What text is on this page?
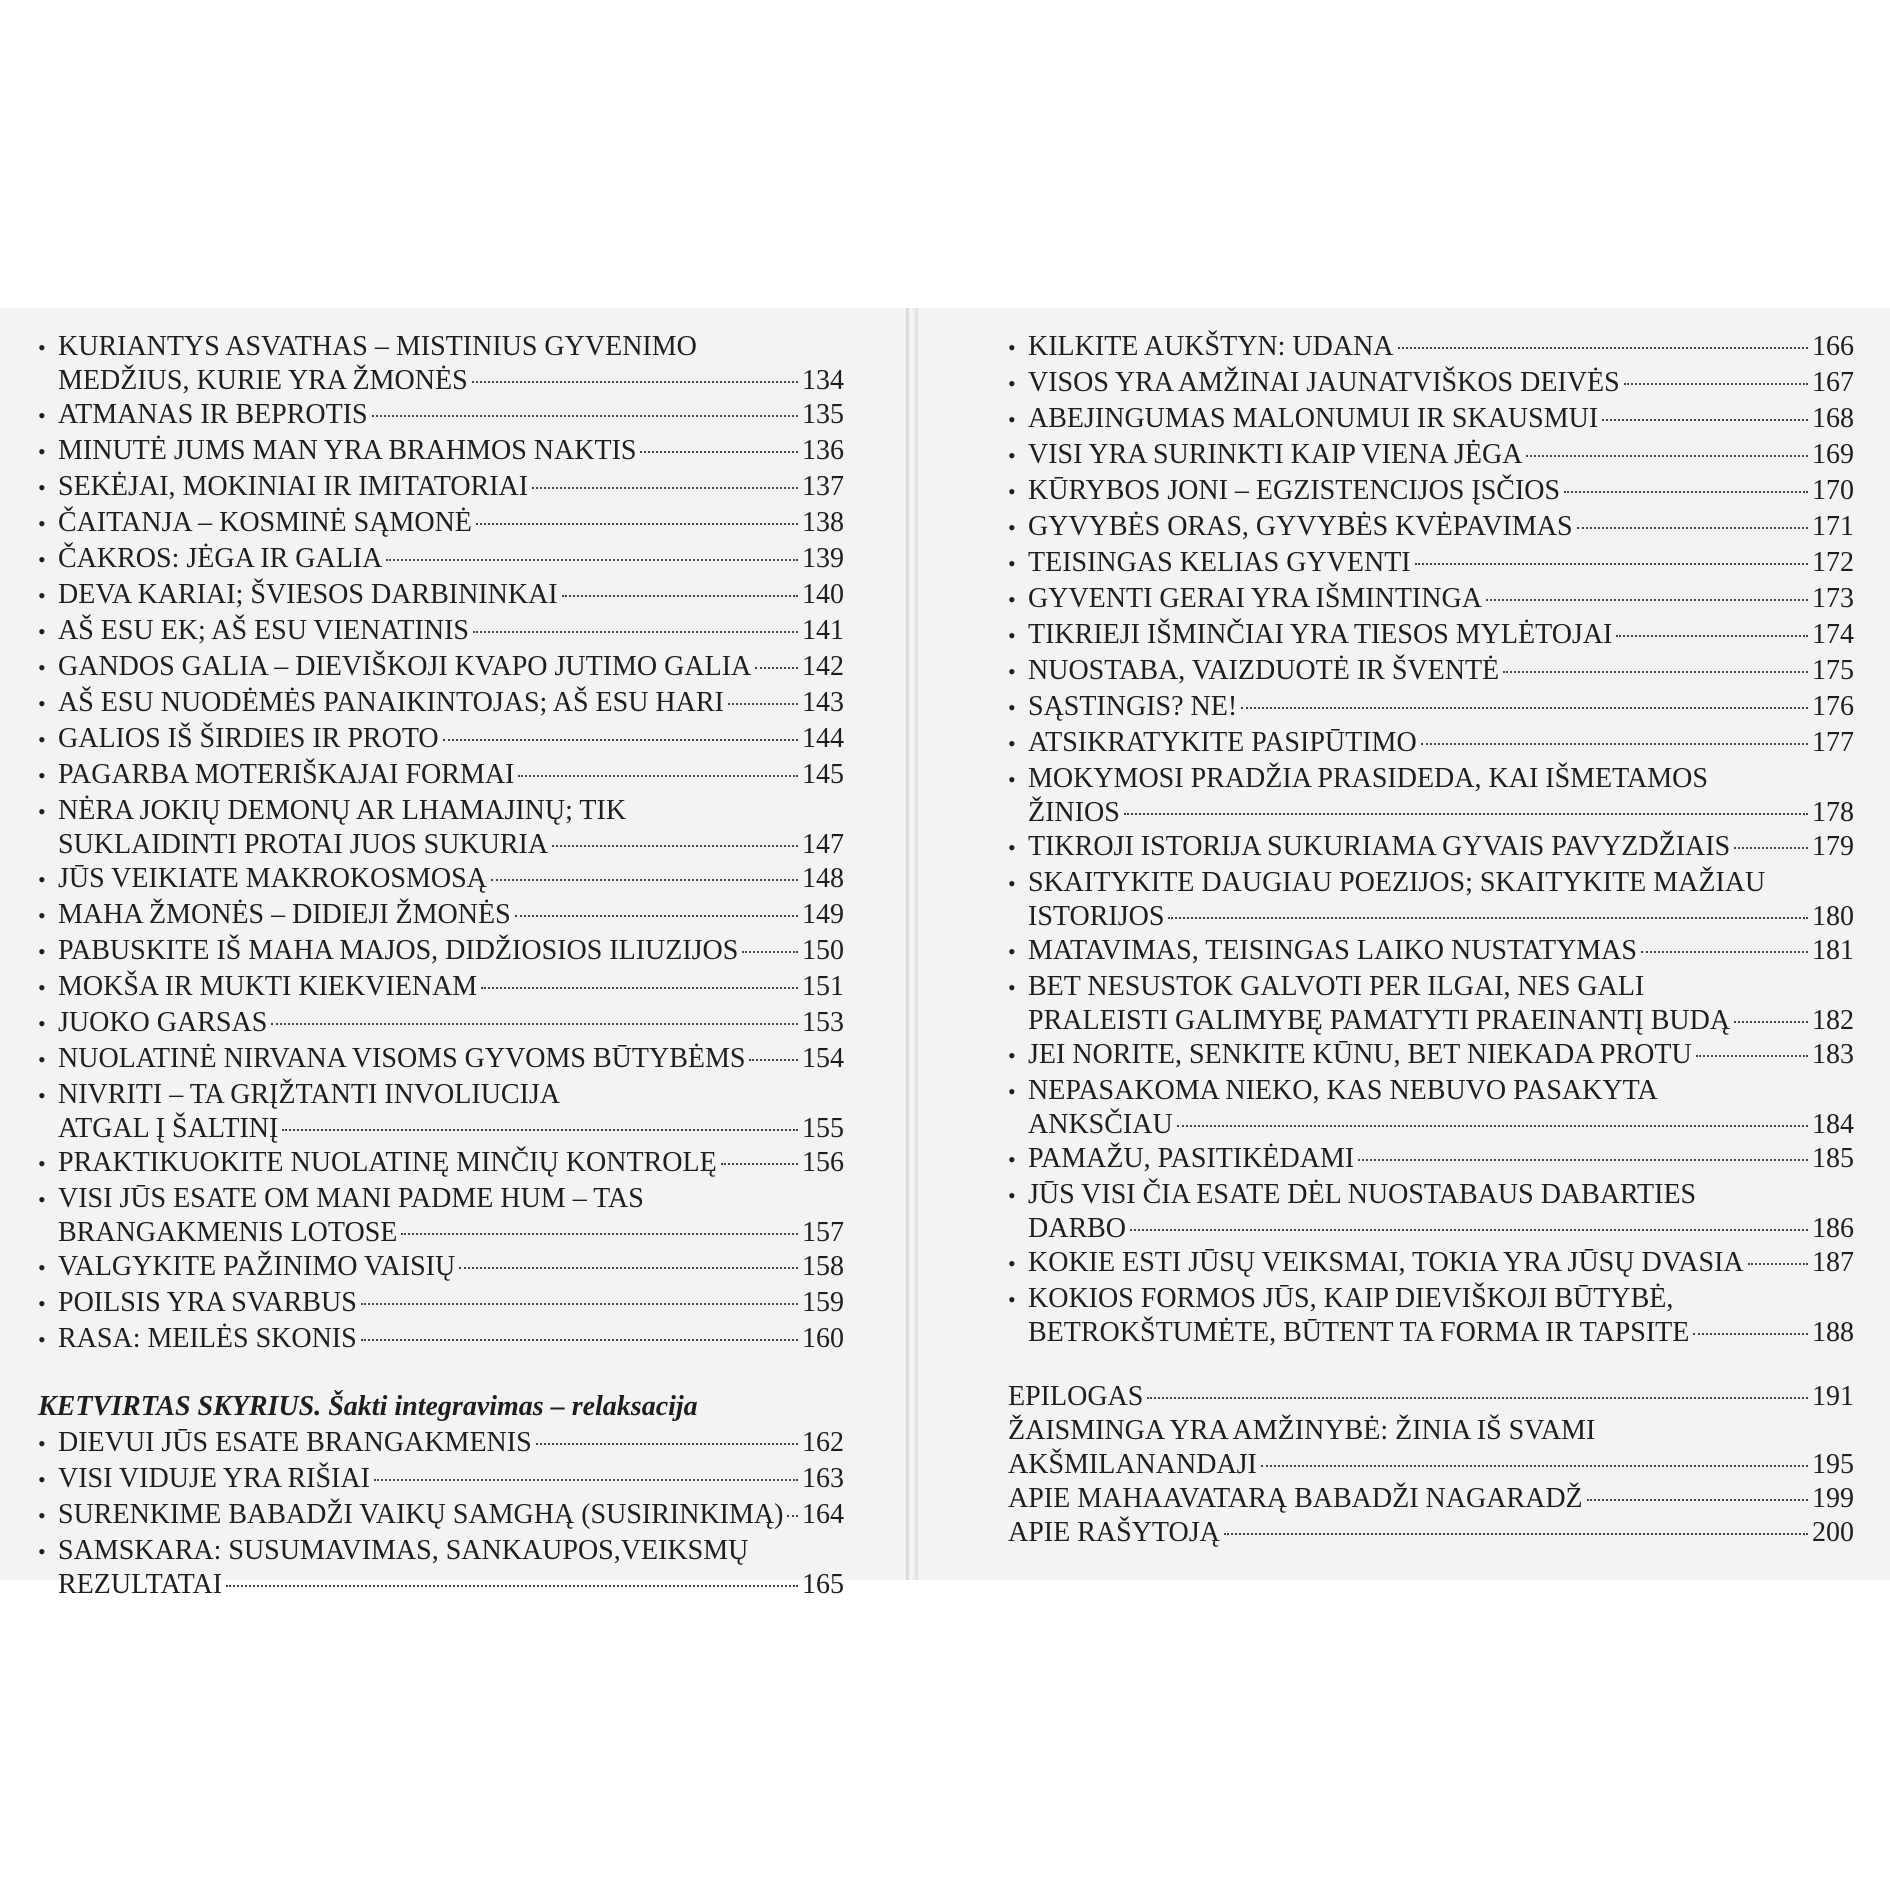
• KURIANTYS ASVATHAS – MISTINIUS GYVENIMO
MEDŽIUS, KURIE YRA ŽMONĖS	134
• ATMANAS IR BEPROTIS	135
• MINUTĖ JUMS MAN YRA BRAHMOS NAKTIS	136
• SEKĖJAI, MOKINIAI IR IMITATORIAI	137
• ČAITANJA – KOSMINĖ SĄMONĖ	138
• ČAKROS: JĖGA IR GALIA	139
• DEVA KARIAI; ŠVIESOS DARBININKAI	140
• AŠ ESU EK; AŠ ESU VIENATINIS	141
• GANDOS GALIA – DIEVIŠKOJI KVAPO JUTIMO GALIA 142
• AŠ ESU NUODĖMĖS PANAIKINTOJAS; AŠ ESU HARI	143
• GALIOS IŠ ŠIRDIES IR PROTO	144
• PAGARBA MOTERIŠKAJAI FORMAI	145
• NĖRA JOKIŲ DEMONŲ AR LHAMAJINŲ; TIK
SUKLAIDINTI PROTAI JUOS SUKURIA	147
• JŪS VEIKIATE MAKROKOSMOSĄ	148
• MAHA ŽMONĖS – DIDIEJI ŽMONĖS	149
• PABUSKITE IŠ MAHA MAJOS, DIDŽIOSIOS ILIUZIJOS 150
• MOKŠA IR MUKTI KIEKVIENAM	151
• JUOKO GARSAS	153
• NUOLATINĖ NIRVANA VISOMS GYVOMS BŪTYBĖMS 154
• NIVRITI – TA GRĮŽTANTI INVOLIUCIJA
ATGAL Į ŠALTINĮ	155
• PRAKTIKUOKITE NUOLATINĘ MINČIŲ KONTROLĘ	156
• VISI JŪS ESATE OM MANI PADME HUM – TAS
BRANGAKMENIS LOTOSE	157
• VALGYKITE PAŽINIMO VAISIŲ	158
• POILSIS YRA SVARBUS	159
• RASA: MEILĖS SKONIS	160
KETVIRTAS SKYRIUS. Šakti integravimas – relaksacija
• DIEVUI JŪS ESATE BRANGAKMENIS	162
• VISI VIDUJE YRA RIŠIAI	163
• SURENKIME BABADŽI VAIKŲ SAMGHĄ (SUSIRINKIMĄ) 164
• SAMSKARA: SUSUMAVIMAS, SANKAUPOS,VEIKSMŲ
REZULTATAI	165
• KILKITE AUKŠTYN: UDANA	166
• VISOS YRA AMŽINAI JAUNATVIŠKOS DEIVĖS	167
• ABEJINGUMAS MALONUMUI IR SKAUSMUI	168
• VISI YRA SURINKTI KAIP VIENA JĖGA	169
• KŪRYBOS JONI – EGZISTENCIJOS ĮSČIOS	170
• GYVYBĖS ORAS, GYVYBĖS KVĖPAVIMAS	171
• TEISINGAS KELIAS GYVENTI	172
• GYVENTI GERAI YRA IŠMINTINGA	173
• TIKRIEJI IŠMINČIAI YRA TIESOS MYLĖTOJAI	174
• NUOSTABA, VAIZDUOTĖ IR ŠVENTĖ	175
• SĄSTINGIS? NE!	176
• ATSIKRATYKITE PASIPŪTIMO	177
• MOKYMOSI PRADŽIA PRASIDEDA, KAI IŠMETAMOS
ŽINIOS	178
• TIKROJI ISTORIJA SUKURIAMA GYVAIS PAVYZDŽIAIS	179
• SKAITYKITE DAUGIAU POEZIJOS; SKAITYKITE MAŽIAU
ISTORIJOS	180
• MATAVIMAS, TEISINGAS LAIKO NUSTATYMAS	181
• BET NESUSTOK GALVOTI PER ILGAI, NES GALI
PRALEISTI GALIMYBĘ PAMATYTI PRAEINANTĮ BUDĄ	182
• JEI NORITE, SENKITE KŪNU, BET NIEKADA PROTU	183
• NEPASAKOMA NIEKO, KAS NEBUVO PASAKYTA
ANKSČIAU	184
• PAMAŽU, PASITIKĖDAMI	185
• JŪS VISI ČIA ESATE DĖL NUOSTABAUS DABARTIES
DARBO	186
• KOKIE ESTI JŪSŲ VEIKSMAI, TOKIA YRA JŪSŲ DVASIA 187
• KOKIOS FORMOS JŪS, KAIP DIEVIŠKOJI BŪTYBĖ,
BETROKŠTUMĖTE, BŪTENT TA FORMA IR TAPSITE	188
EPILOGAS	191
ŽAISMINGA YRA AMŽINYBĖ: ŽINIA IŠ SVAMI
AKŠMILANANDAJI	195
APIE MAHAAVATARĄ BABADŽI NAGARADŽ	199
APIE RAŠYTOJĄ	200
